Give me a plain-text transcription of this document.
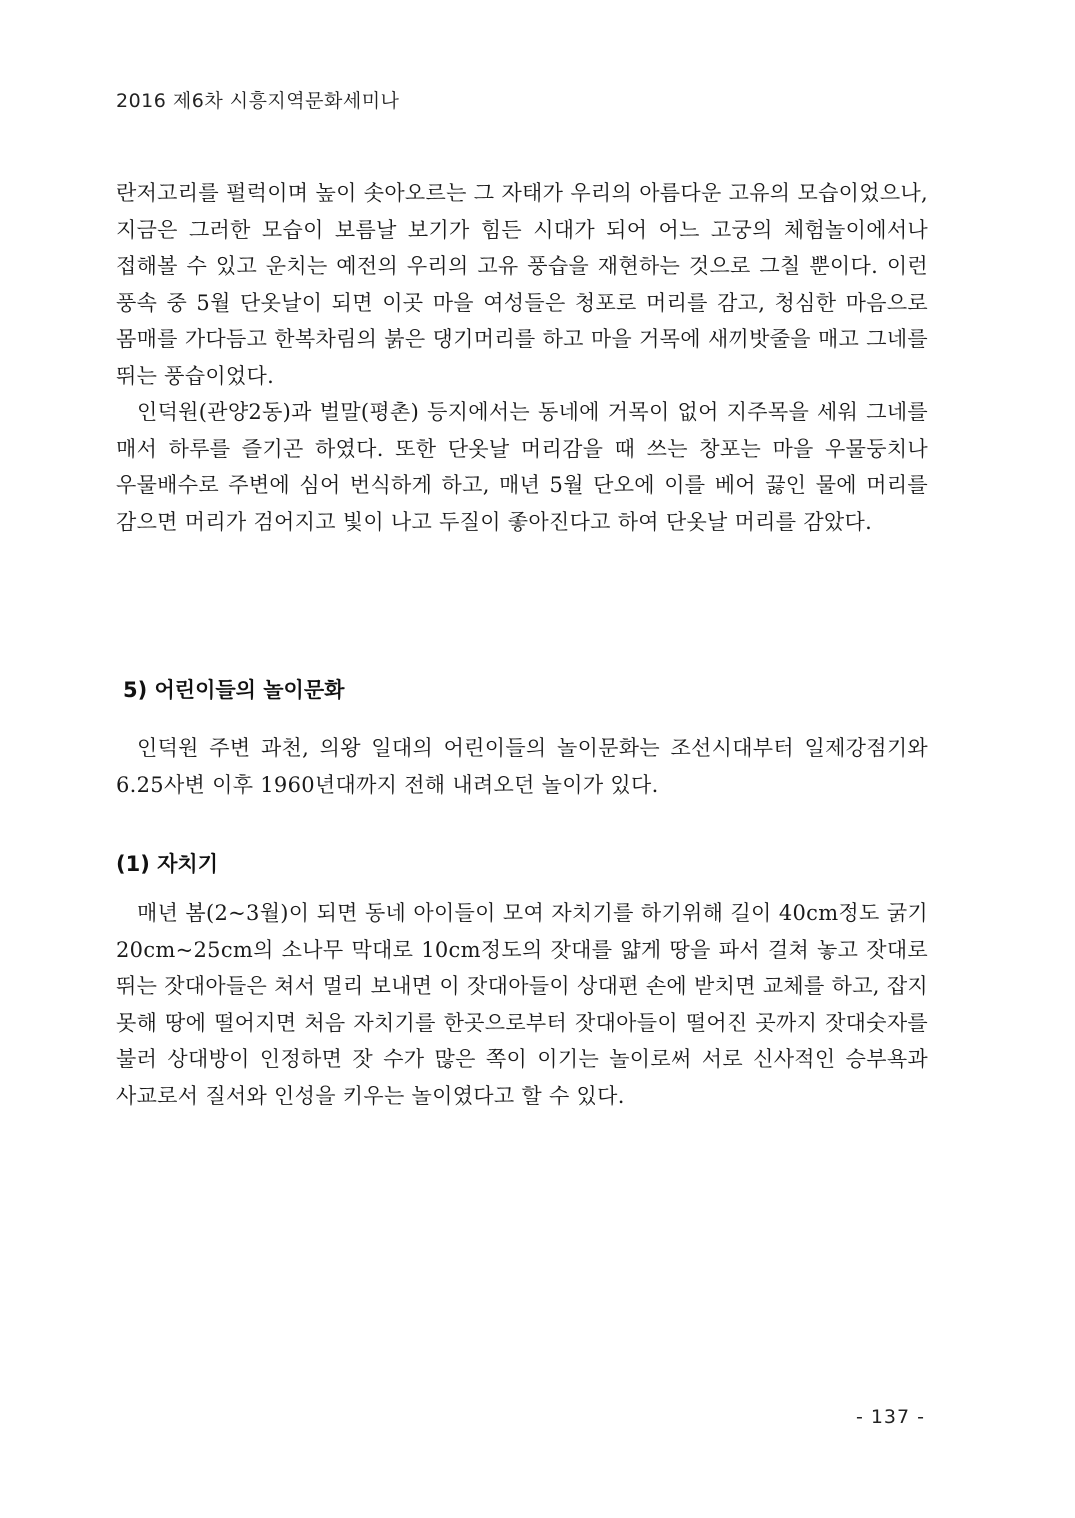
2016 제6차 시흥지역문화세미나

란저고리를 펄럭이며 높이 솟아오르는 그 자태가 우리의 아름다운 고유의 모습이었으나, 지금은 그러한 모습이 보름날 보기가 힘든 시대가 되어 어느 고궁의 체험놀이에서나 접해볼 수 있고 운치는 예전의 우리의 고유 풍습을 재현하는 것으로 그칠 뿐이다. 이런 풍속 중 5월 단옷날이 되면 이곳 마을 여성들은 청포로 머리를 감고, 청심한 마음으로 몸매를 가다듬고 한복차림의 붉은 댕기머리를 하고 마을 거목에 새끼밧줄을 매고 그네를 뛰는 풍습이었다.

인덕원(관양2동)과 벌말(평촌) 등지에서는 동네에 거목이 없어 지주목을 세워 그네를 매서 하루를 즐기곤 하였다. 또한 단옷날 머리감을 때 쓰는 창포는 마을 우물둥치나 우물배수로 주변에 심어 번식하게 하고, 매년 5월 단오에 이를 베어 끓인 물에 머리를 감으면 머리가 검어지고 빛이 나고 두질이 좋아진다고 하여 단옷날 머리를 감았다.

5) 어린이들의 놀이문화

인덕원 주변 과천, 의왕 일대의 어린이들의 놀이문화는 조선시대부터 일제강점기와 6.25사변 이후 1960년대까지 전해 내려오던 놀이가 있다.

(1) 자치기

매년 봄(2~3월)이 되면 동네 아이들이 모여 자치기를 하기위해 길이 40cm정도 굵기 20cm~25cm의 소나무 막대로 10cm정도의 잣대를 얇게 땅을 파서 걸쳐 놓고 잣대로 뛰는 잣대아들은 쳐서 멀리 보내면 이 잣대아들이 상대편 손에 받치면 교체를 하고, 잡지 못해 땅에 떨어지면 처음 자치기를 한곳으로부터 잣대아들이 떨어진 곳까지 잣대숫자를 불러 상대방이 인정하면 잣 수가 많은 쪽이 이기는 놀이로써 서로 신사적인 승부욕과 사교로서 질서와 인성을 키우는 놀이였다고 할 수 있다.

- 137 -
